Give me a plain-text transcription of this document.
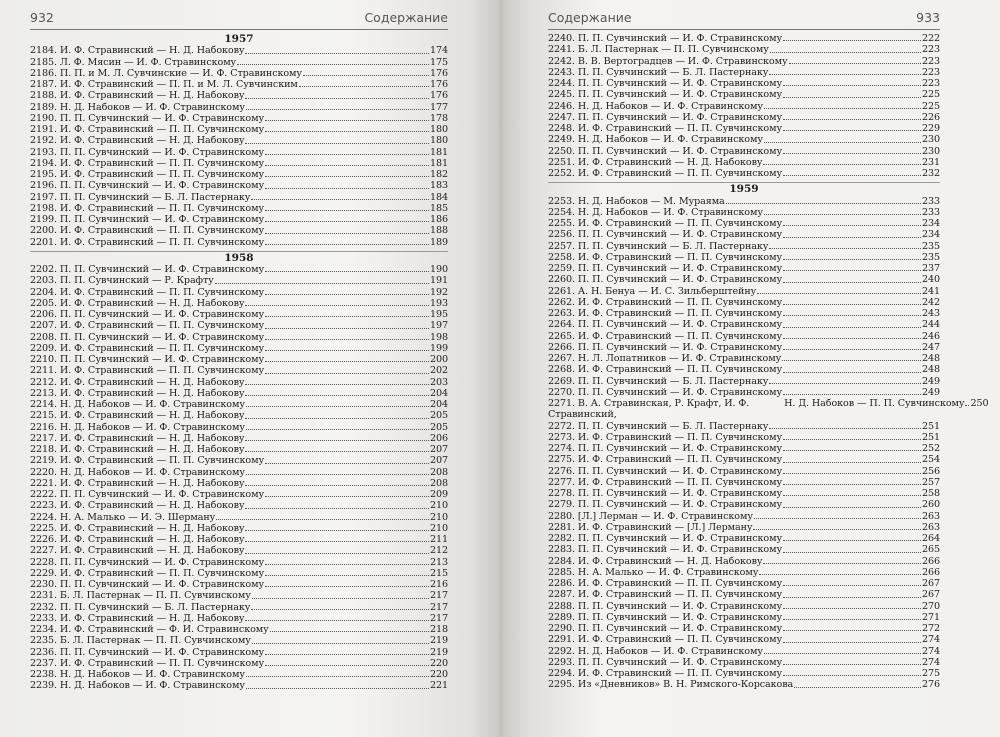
932	Содержание
1957
2184. И. Ф. Стравинский — Н. Д. Набокову	174
2185. Л. Ф. Мясин — И. Ф. Стравинскому	175
2186. П. П. и М. Л. Сувчинские — И. Ф. Стравинскому	176
2187. И. Ф. Стравинский — П. П. и М. Л. Сувчинским	176
2188. И. Ф. Стравинский — Н. Д. Набокову	176
2189. Н. Д. Набоков — И. Ф. Стравинскому	177
2190. П. П. Сувчинский — И. Ф. Стравинскому	178
2191. И. Ф. Стравинский — П. П. Сувчинскому	180
2192. И. Ф. Стравинский — Н. Д. Набокову	180
2193. П. П. Сувчинский — И. Ф. Стравинскому	181
2194. И. Ф. Стравинский — П. П. Сувчинскому	181
2195. И. Ф. Стравинский — П. П. Сувчинскому	182
2196. П. П. Сувчинский — И. Ф. Стравинскому	183
2197. П. П. Сувчинский — Б. Л. Пастернаку	184
2198. И. Ф. Стравинский — П. П. Сувчинскому	185
2199. П. П. Сувчинский — И. Ф. Стравинскому	186
2200. И. Ф. Стравинский — П. П. Сувчинскому	188
2201. И. Ф. Стравинский — П. П. Сувчинскому	189
1958
2202. П. П. Сувчинский — И. Ф. Стравинскому	190
2203. П. П. Сувчинский — Р. Крафту	191
2204. И. Ф. Стравинский — П. П. Сувчинскому	192
2205. И. Ф. Стравинский — Н. Д. Набокову	193
2206. П. П. Сувчинский — И. Ф. Стравинскому	195
2207. И. Ф. Стравинский — П. П. Сувчинскому	197
2208. П. П. Сувчинский — И. Ф. Стравинскому	198
2209. И. Ф. Стравинский — П. П. Сувчинскому	199
2210. П. П. Сувчинский — И. Ф. Стравинскому	200
2211. И. Ф. Стравинский — П. П. Сувчинскому	202
2212. И. Ф. Стравинский — Н. Д. Набокову	203
2213. И. Ф. Стравинский — Н. Д. Набокову	204
2214. Н. Д. Набоков — И. Ф. Стравинскому	204
2215. И. Ф. Стравинский — Н. Д. Набокову	205
2216. Н. Д. Набоков — И. Ф. Стравинскому	205
2217. И. Ф. Стравинский — Н. Д. Набокову	206
2218. И. Ф. Стравинский — Н. Д. Набокову	207
2219. И. Ф. Стравинский — П. П. Сувчинскому	207
2220. Н. Д. Набоков — И. Ф. Стравинскому	208
2221. И. Ф. Стравинский — Н. Д. Набокову	208
2222. П. П. Сувчинский — И. Ф. Стравинскому	209
2223. И. Ф. Стравинский — Н. Д. Набокову	210
2224. Н. А. Малько — И. Э. Шерману	210
2225. И. Ф. Стравинский — Н. Д. Набокову	210
2226. И. Ф. Стравинский — Н. Д. Набокову	211
2227. И. Ф. Стравинский — Н. Д. Набокову	212
2228. П. П. Сувчинский — И. Ф. Стравинскому	213
2229. И. Ф. Стравинский — П. П. Сувчинскому	215
2230. П. П. Сувчинский — И. Ф. Стравинскому	216
2231. Б. Л. Пастернак — П. П. Сувчинскому	217
2232. П. П. Сувчинский — Б. Л. Пастернаку	217
2233. И. Ф. Стравинский — Н. Д. Набокову	217
2234. И. Ф. Стравинский — Ф. И. Стравинскому	218
2235. Б. Л. Пастернак — П. П. Сувчинскому	219
2236. П. П. Сувчинский — И. Ф. Стравинскому	219
2237. И. Ф. Стравинский — П. П. Сувчинскому	220
2238. Н. Д. Набоков — И. Ф. Стравинскому	220
2239. Н. Д. Набоков — И. Ф. Стравинскому	221
Содержание	933
2240. П. П. Сувчинский — И. Ф. Стравинскому	222
2241. Б. Л. Пастернак — П. П. Сувчинскому	223
2242. В. В. Вертоградцев — И. Ф. Стравинскому	223
2243. П. П. Сувчинский — Б. Л. Пастернаку	223
2244. П. П. Сувчинский — И. Ф. Стравинскому	223
2245. П. П. Сувчинский — И. Ф. Стравинскому	225
2246. Н. Д. Набоков — И. Ф. Стравинскому	225
2247. П. П. Сувчинский — И. Ф. Стравинскому	226
2248. И. Ф. Стравинский — П. П. Сувчинскому	229
2249. Н. Д. Набоков — И. Ф. Стравинскому	230
2250. П. П. Сувчинский — И. Ф. Стравинскому	230
2251. И. Ф. Стравинский — Н. Д. Набокову	231
2252. И. Ф. Стравинский — П. П. Сувчинскому	232
1959
2253. Н. Д. Набоков — М. Мураяма	233
2254. Н. Д. Набоков — И. Ф. Стравинскому	233
2255. И. Ф. Стравинский — П. П. Сувчинскому	234
2256. П. П. Сувчинский — И. Ф. Стравинскому	234
2257. П. П. Сувчинский — Б. Л. Пастернаку	235
2258. И. Ф. Стравинский — П. П. Сувчинскому	235
2259. П. П. Сувчинский — И. Ф. Стравинскому	237
2260. П. П. Сувчинский — И. Ф. Стравинскому	240
2261. А. Н. Бенуа — И. С. Зильберштейну	241
2262. И. Ф. Стравинский — П. П. Сувчинскому	242
2263. И. Ф. Стравинский — П. П. Сувчинскому	243
2264. П. П. Сувчинский — И. Ф. Стравинскому	244
2265. И. Ф. Стравинский — П. П. Сувчинскому	246
2266. П. П. Сувчинский — И. Ф. Стравинскому	247
2267. Н. Л. Лопатников — И. Ф. Стравинскому	248
2268. И. Ф. Стравинский — П. П. Сувчинскому	248
2269. П. П. Сувчинский — Б. Л. Пастернаку	249
2270. П. П. Сувчинский — И. Ф. Стравинскому	249
2271. В. А. Стравинская, Р. Крафт, И. Ф. Стравинский,
Н. Д. Набоков — П. П. Сувчинскому 250
2272. П. П. Сувчинский — Б. Л. Пастернаку	251
2273. И. Ф. Стравинский — П. П. Сувчинскому	251
2274. П. П. Сувчинский — И. Ф. Стравинскому	252
2275. И. Ф. Стравинский — П. П. Сувчинскому	254
2276. П. П. Сувчинский — И. Ф. Стравинскому	256
2277. И. Ф. Стравинский — П. П. Сувчинскому	257
2278. П. П. Сувчинский — И. Ф. Стравинскому	258
2279. П. П. Сувчинский — И. Ф. Стравинскому	260
2280. [Л.] Лерман — И. Ф. Стравинскому	263
2281. И. Ф. Стравинский — [Л.] Лерману	263
2282. П. П. Сувчинский — И. Ф. Стравинскому	264
2283. П. П. Сувчинский — И. Ф. Стравинскому	265
2284. И. Ф. Стравинский — Н. Д. Набокову	266
2285. Н. А. Малько — И. Ф. Стравинскому	266
2286. И. Ф. Стравинский — П. П. Сувчинскому	267
2287. И. Ф. Стравинский — П. П. Сувчинскому	267
2288. П. П. Сувчинский — И. Ф. Стравинскому	270
2289. П. П. Сувчинский — И. Ф. Стравинскому	271
2290. П. П. Сувчинский — И. Ф. Стравинскому	272
2291. И. Ф. Стравинский — П. П. Сувчинскому	274
2292. Н. Д. Набоков — И. Ф. Стравинскому	274
2293. П. П. Сувчинский — И. Ф. Стравинскому	274
2294. И. Ф. Стравинский — П. П. Сувчинскому	275
2295. Из «Дневников» В. Н. Римского-Корсакова	276
